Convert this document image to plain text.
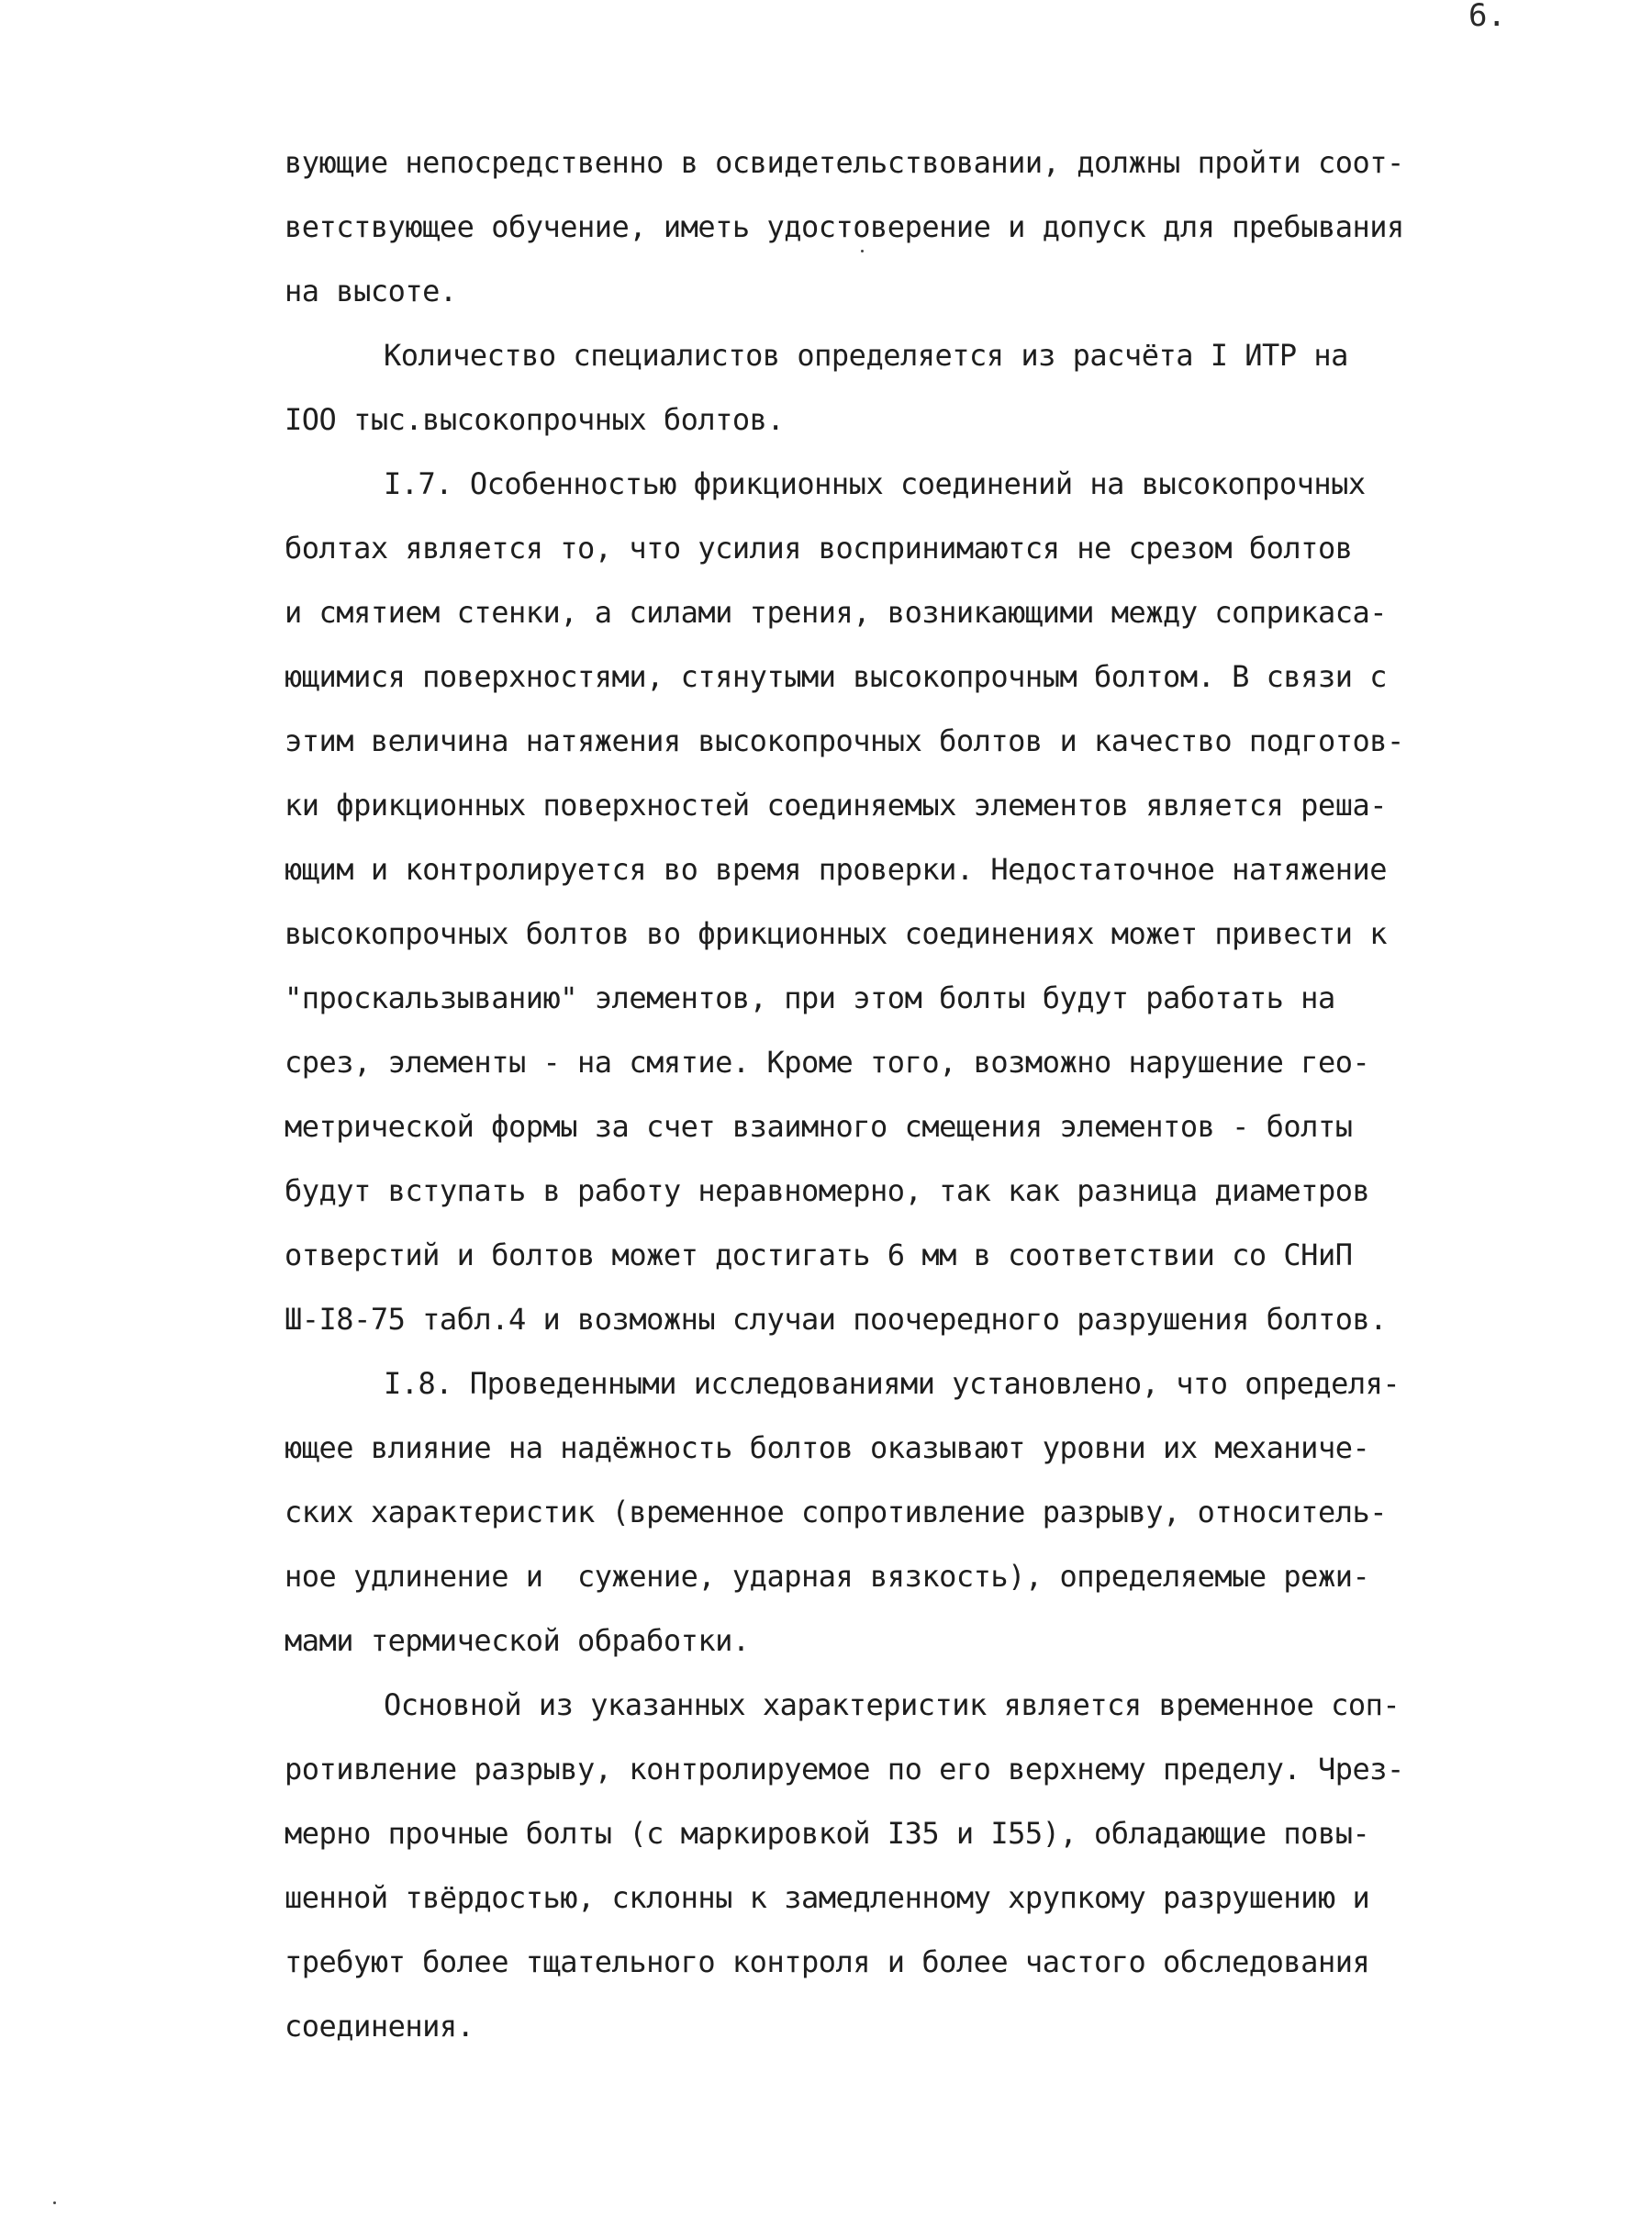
6.
вующие непосредственно в освидетельствовании, должны пройти соот-
ветствующее обучение, иметь удостоверение и допуск для пребывания
на высоте.
Количество специалистов определяется из расчёта I ИТР на
IOO тыс.высокопрочных болтов.
I.7. Особенностью фрикционных соединений на высокопрочных
болтах является то, что усилия воспринимаются не срезом болтов
и смятием стенки, а силами трения, возникающими между соприкаса-
ющимися поверхностями, стянутыми высокопрочным болтом. В связи с
этим величина натяжения высокопрочных болтов и качество подготов-
ки фрикционных поверхностей соединяемых элементов является реша-
ющим и контролируется во время проверки. Недостаточное натяжение
высокопрочных болтов во фрикционных соединениях может привести к
"проскальзыванию" элементов, при этом болты будут работать на
срез, элементы - на смятие. Кроме того, возможно нарушение гео-
метрической формы за счет взаимного смещения элементов - болты
будут вступать в работу неравномерно, так как разница диаметров
отверстий и болтов может достигать 6 мм в соответствии со СНиП
Ш-I8-75 табл.4 и возможны случаи поочередного разрушения болтов.
I.8. Проведенными исследованиями установлено, что определя-
ющее влияние на надёжность болтов оказывают уровни их механиче-
ских характеристик (временное сопротивление разрыву, относитель-
ное удлинение и  сужение, ударная вязкость), определяемые режи-
мами термической обработки.
Основной из указанных характеристик является временное соп-
ротивление разрыву, контролируемое по его верхнему пределу. Чрез-
мерно прочные болты (с маркировкой I35 и I55), обладающие повы-
шенной твёрдостью, склонны к замедленному хрупкому разрушению и
требуют более тщательного контроля и более частого обследования
соединения.
